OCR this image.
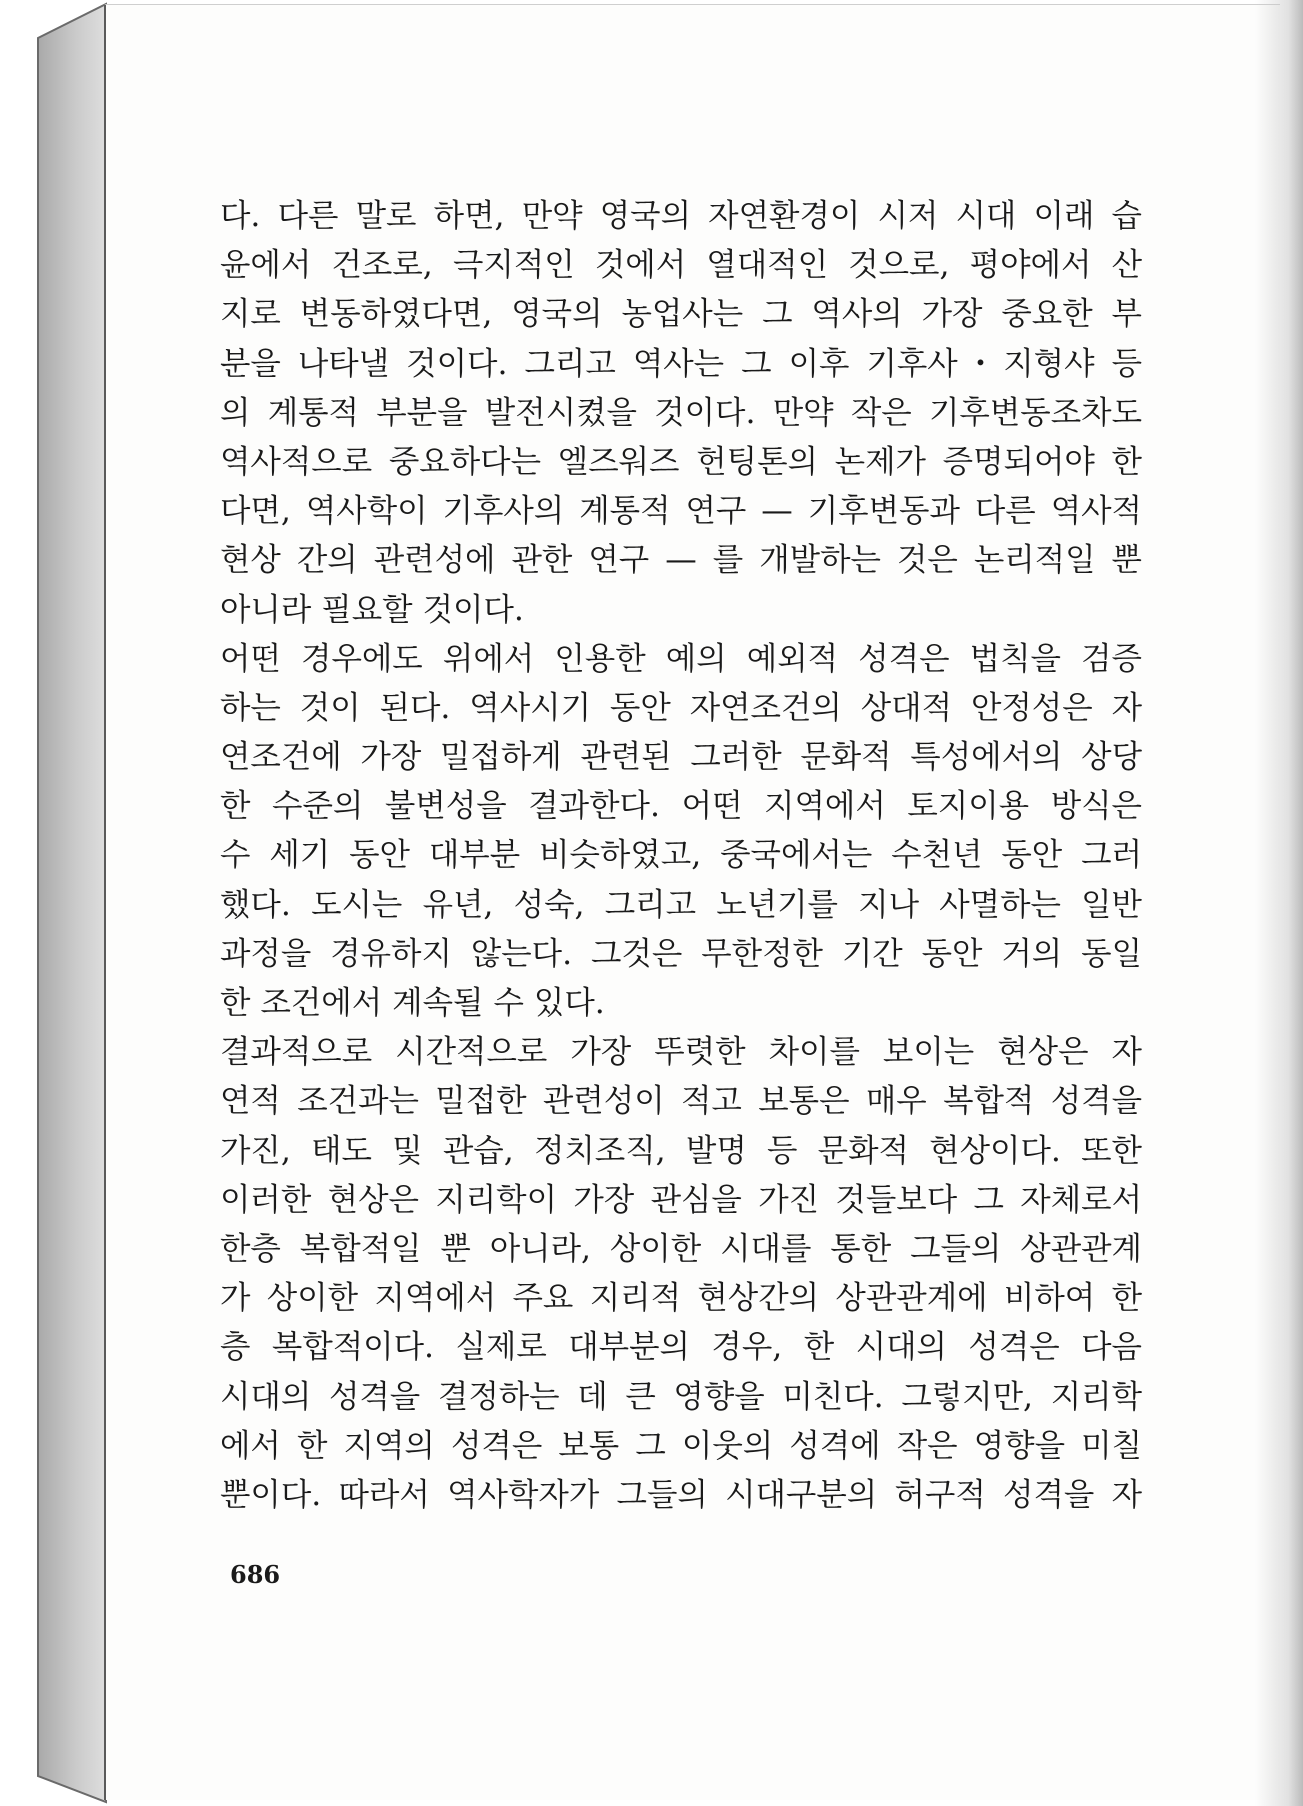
다. 다른 말로 하면, 만약 영국의 자연환경이 시저 시대 이래 습
윤에서 건조로, 극지적인 것에서 열대적인 것으로, 평야에서 산
지로 변동하였다면, 영국의 농업사는 그 역사의 가장 중요한 부
분을 나타낼 것이다. 그리고 역사는 그 이후 기후사・지형샤 등
의 계통적 부분을 발전시켰을 것이다. 만약 작은 기후변동조차도
역사적으로 중요하다는 엘즈워즈 헌팅톤의 논제가 증명되어야 한
다면, 역사학이 기후사의 계통적 연구 — 기후변동과 다른 역사적
현상 간의 관련성에 관한 연구 — 를 개발하는 것은 논리적일 뿐
아니라 필요할 것이다.
어떤 경우에도 위에서 인용한 예의 예외적 성격은 법칙을 검증
하는 것이 된다. 역사시기 동안 자연조건의 상대적 안정성은 자
연조건에 가장 밀접하게 관련된 그러한 문화적 특성에서의 상당
한 수준의 불변성을 결과한다. 어떤 지역에서 토지이용 방식은
수 세기 동안 대부분 비슷하였고, 중국에서는 수천년 동안 그러
했다. 도시는 유년, 성숙, 그리고 노년기를 지나 사멸하는 일반
과정을 경유하지 않는다. 그것은 무한정한 기간 동안 거의 동일
한 조건에서 계속될 수 있다.
결과적으로 시간적으로 가장 뚜렷한 차이를 보이는 현상은 자
연적 조건과는 밀접한 관련성이 적고 보통은 매우 복합적 성격을
가진, 태도 및 관습, 정치조직, 발명 등 문화적 현상이다. 또한
이러한 현상은 지리학이 가장 관심을 가진 것들보다 그 자체로서
한층 복합적일 뿐 아니라, 상이한 시대를 통한 그들의 상관관계
가 상이한 지역에서 주요 지리적 현상간의 상관관계에 비하여 한
층 복합적이다. 실제로 대부분의 경우, 한 시대의 성격은 다음
시대의 성격을 결정하는 데 큰 영향을 미친다. 그렇지만, 지리학
에서 한 지역의 성격은 보통 그 이웃의 성격에 작은 영향을 미칠
뿐이다. 따라서 역사학자가 그들의 시대구분의 허구적 성격을 자
686
